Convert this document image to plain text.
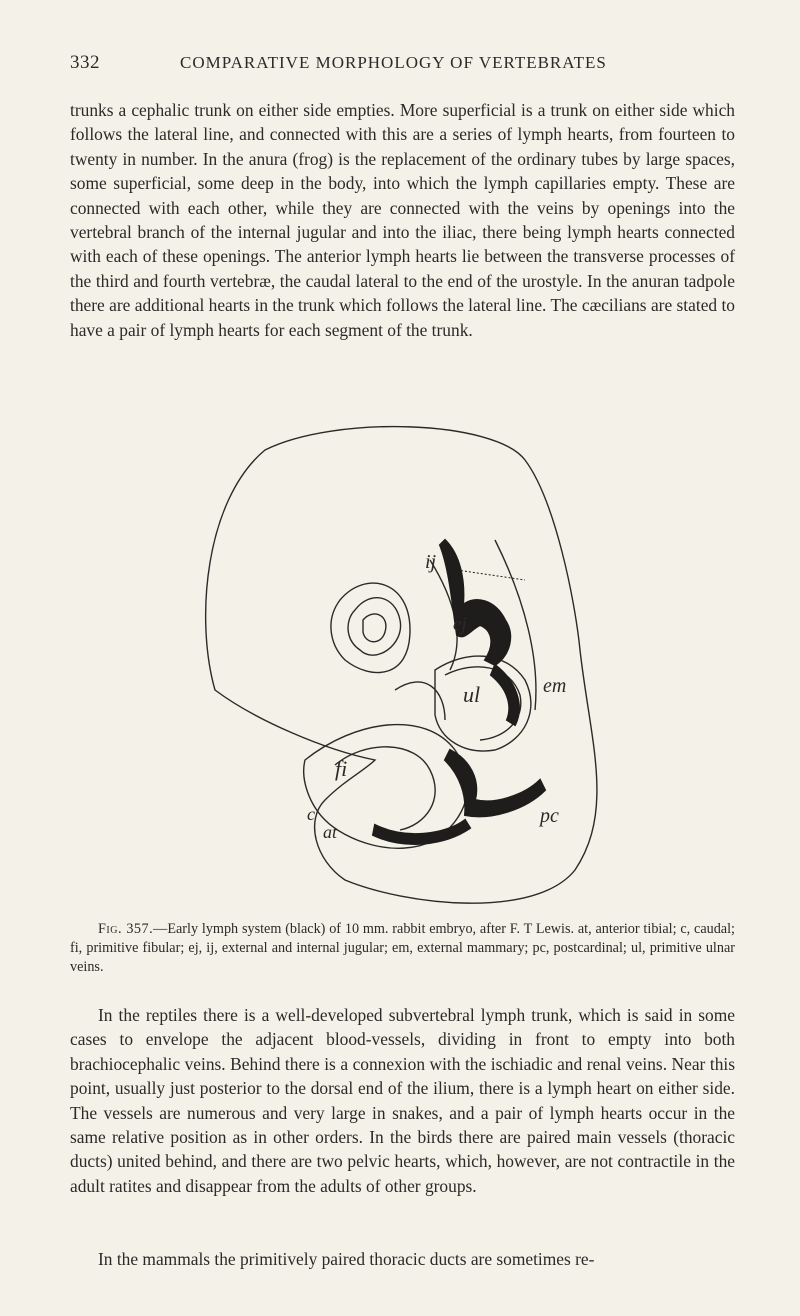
332	COMPARATIVE MORPHOLOGY OF VERTEBRATES

trunks a cephalic trunk on either side empties. More superficial is a trunk on either side which follows the lateral line, and connected with this are a series of lymph hearts, from fourteen to twenty in number. In the anura (frog) is the replacement of the ordinary tubes by large spaces, some superficial, some deep in the body, into which the lymph capillaries empty. These are connected with each other, while they are connected with the veins by openings into the vertebral branch of the internal jugular and into the iliac, there being lymph hearts connected with each of these openings. The anterior lymph hearts lie between the transverse processes of the third and fourth vertebræ, the caudal lateral to the end of the urostyle. In the anuran tadpole there are additional hearts in the trunk which follows the lateral line. The cæcilians are stated to have a pair of lymph hearts for each segment of the trunk.

ij
ej
em
ul
fi
c
at
pc

Fig. 357.—Early lymph system (black) of 10 mm. rabbit embryo, after F. T Lewis. at, anterior tibial; c, caudal; fi, primitive fibular; ej, ij, external and internal jugular; em, external mammary; pc, postcardinal; ul, primitive ulnar veins.

In the reptiles there is a well-developed subvertebral lymph trunk, which is said in some cases to envelope the adjacent blood-vessels, dividing in front to empty into both brachiocephalic veins. Behind there is a connexion with the ischiadic and renal veins. Near this point, usually just posterior to the dorsal end of the ilium, there is a lymph heart on either side. The vessels are numerous and very large in snakes, and a pair of lymph hearts occur in the same relative position as in other orders. In the birds there are paired main vessels (thoracic ducts) united behind, and there are two pelvic hearts, which, however, are not contractile in the adult ratites and disappear from the adults of other groups.

In the mammals the primitively paired thoracic ducts are sometimes re-
